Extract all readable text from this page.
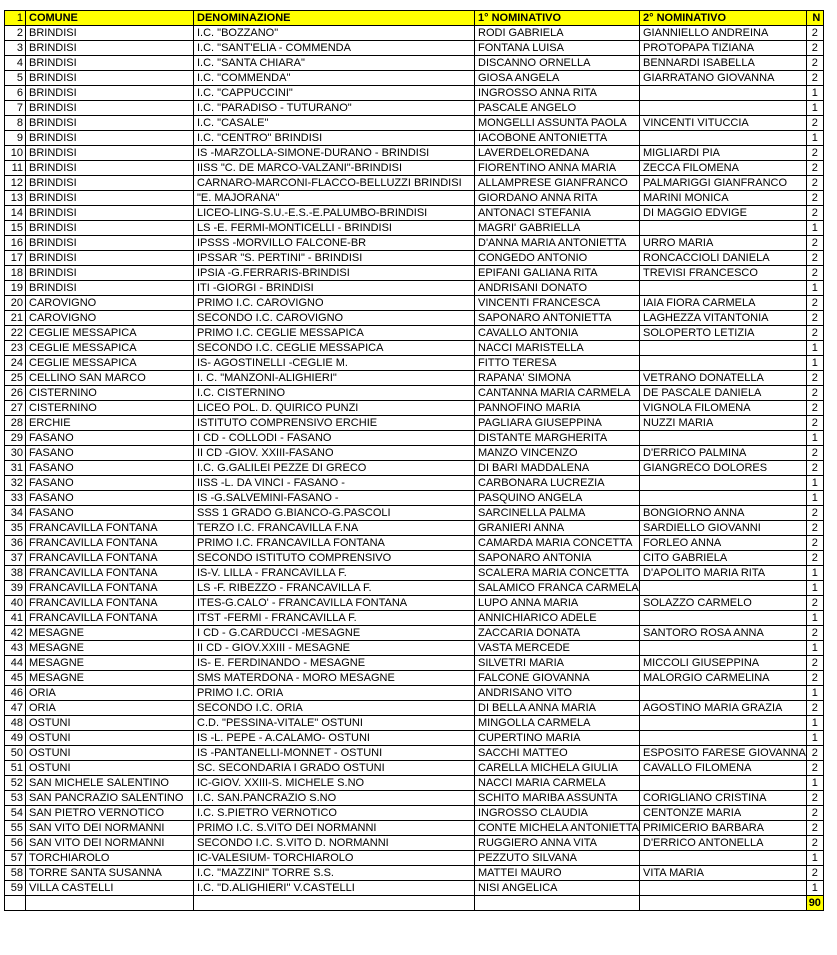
1	COMUNE	DENOMINAZIONE	1° NOMINATIVO	2° NOMINATIVO	N
2	BRINDISI	I.C. "BOZZANO"	RODI GABRIELA	GIANNIELLO ANDREINA	2
3	BRINDISI	I.C. "SANT'ELIA - COMMENDA	FONTANA LUISA	PROTOPAPA TIZIANA	2
4	BRINDISI	I.C. "SANTA CHIARA"	DISCANNO ORNELLA	BENNARDI ISABELLA	2
5	BRINDISI	I.C. "COMMENDA"	GIOSA ANGELA	GIARRATANO GIOVANNA	2
6	BRINDISI	I.C. "CAPPUCCINI"	INGROSSO ANNA RITA		1
7	BRINDISI	I.C. "PARADISO - TUTURANO"	PASCALE ANGELO		1
8	BRINDISI	I.C. "CASALE"	MONGELLI ASSUNTA PAOLA	VINCENTI VITUCCIA	2
9	BRINDISI	I.C. "CENTRO" BRINDISI	IACOBONE ANTONIETTA		1
10	BRINDISI	IS -MARZOLLA-SIMONE-DURANO - BRINDISI	LAVERDELOREDANA	MIGLIARDI PIA	2
11	BRINDISI	IISS "C. DE MARCO-VALZANI"-BRINDISI	FIORENTINO ANNA MARIA	ZECCA FILOMENA	2
12	BRINDISI	CARNARO-MARCONI-FLACCO-BELLUZZI BRINDISI	ALLAMPRESE GIANFRANCO	PALMARIGGI GIANFRANCO	2
13	BRINDISI	"E. MAJORANA"	GIORDANO ANNA RITA	MARINI MONICA	2
14	BRINDISI	LICEO-LING-S.U.-E.S.-E.PALUMBO-BRINDISI	ANTONACI STEFANIA	DI MAGGIO EDVIGE	2
15	BRINDISI	LS -E. FERMI-MONTICELLI - BRINDISI	MAGRI' GABRIELLA		1
16	BRINDISI	IPSSS -MORVILLO FALCONE-BR	D'ANNA MARIA ANTONIETTA	URRO MARIA	2
17	BRINDISI	IPSSAR "S. PERTINI" - BRINDISI	CONGEDO ANTONIO	RONCACCIOLI DANIELA	2
18	BRINDISI	IPSIA -G.FERRARIS-BRINDISI	EPIFANI GALIANA RITA	TREVISI FRANCESCO	2
19	BRINDISI	ITI -GIORGI - BRINDISI	ANDRISANI DONATO		1
20	CAROVIGNO	PRIMO I.C. CAROVIGNO	VINCENTI FRANCESCA	IAIA FIORA CARMELA	2
21	CAROVIGNO	SECONDO I.C. CAROVIGNO	SAPONARO ANTONIETTA	LAGHEZZA VITANTONIA	2
22	CEGLIE MESSAPICA	PRIMO I.C. CEGLIE MESSAPICA	CAVALLO ANTONIA	SOLOPERTO LETIZIA	2
23	CEGLIE MESSAPICA	SECONDO I.C. CEGLIE MESSAPICA	NACCI MARISTELLA		1
24	CEGLIE MESSAPICA	IS- AGOSTINELLI -CEGLIE M.	FITTO TERESA		1
25	CELLINO SAN MARCO	I. C. "MANZONI-ALIGHIERI"	RAPANA' SIMONA	VETRANO DONATELLA	2
26	CISTERNINO	I.C. CISTERNINO	CANTANNA MARIA CARMELA	DE PASCALE DANIELA	2
27	CISTERNINO	LICEO POL. D. QUIRICO PUNZI	PANNOFINO MARIA	VIGNOLA FILOMENA	2
28	ERCHIE	ISTITUTO COMPRENSIVO ERCHIE	PAGLIARA GIUSEPPINA	NUZZI MARIA	2
29	FASANO	I CD - COLLODI - FASANO	DISTANTE MARGHERITA		1
30	FASANO	II CD -GIOV. XXIII-FASANO	MANZO VINCENZO	D'ERRICO PALMINA	2
31	FASANO	I.C. G.GALILEI PEZZE DI GRECO	DI BARI MADDALENA	GIANGRECO DOLORES	2
32	FASANO	IISS -L. DA VINCI - FASANO -	CARBONARA LUCREZIA		1
33	FASANO	IS -G.SALVEMINI-FASANO -	PASQUINO ANGELA		1
34	FASANO	SSS 1 GRADO G.BIANCO-G.PASCOLI	SARCINELLA PALMA	BONGIORNO ANNA	2
35	FRANCAVILLA FONTANA	TERZO I.C. FRANCAVILLA F.NA	GRANIERI ANNA	SARDIELLO GIOVANNI	2
36	FRANCAVILLA FONTANA	PRIMO I.C. FRANCAVILLA FONTANA	CAMARDA MARIA CONCETTA	FORLEO ANNA	2
37	FRANCAVILLA FONTANA	SECONDO ISTITUTO COMPRENSIVO	SAPONARO ANTONIA	CITO GABRIELA	2
38	FRANCAVILLA FONTANA	IS-V. LILLA - FRANCAVILLA F.	SCALERA MARIA CONCETTA	D'APOLITO MARIA RITA	1
39	FRANCAVILLA FONTANA	LS -F. RIBEZZO - FRANCAVILLA F.	SALAMICO FRANCA CARMELA		1
40	FRANCAVILLA FONTANA	ITES-G.CALO' - FRANCAVILLA FONTANA	LUPO ANNA MARIA	SOLAZZO CARMELO	2
41	FRANCAVILLA FONTANA	ITST -FERMI - FRANCAVILLA F.	ANNICHIARICO ADELE		1
42	MESAGNE	I CD - G.CARDUCCI -MESAGNE	ZACCARIA DONATA	SANTORO ROSA ANNA	2
43	MESAGNE	II CD - GIOV.XXIII - MESAGNE	VASTA MERCEDE		1
44	MESAGNE	IS- E. FERDINANDO - MESAGNE	SILVETRI MARIA	MICCOLI GIUSEPPINA	2
45	MESAGNE	SMS MATERDONA - MORO MESAGNE	FALCONE GIOVANNA	MALORGIO CARMELINA	2
46	ORIA	PRIMO I.C. ORIA	ANDRISANO VITO		1
47	ORIA	SECONDO I.C. ORIA	DI BELLA ANNA MARIA	AGOSTINO MARIA GRAZIA	2
48	OSTUNI	C.D. "PESSINA-VITALE" OSTUNI	MINGOLLA CARMELA		1
49	OSTUNI	IS -L. PEPE - A.CALAMO- OSTUNI	CUPERTINO MARIA		1
50	OSTUNI	IS -PANTANELLI-MONNET - OSTUNI	SACCHI MATTEO	ESPOSITO FARESE GIOVANNA	2
51	OSTUNI	SC. SECONDARIA I GRADO OSTUNI	CARELLA MICHELA GIULIA	CAVALLO FILOMENA	2
52	SAN MICHELE SALENTINO	IC-GIOV. XXIII-S. MICHELE S.NO	NACCI MARIA CARMELA		1
53	SAN PANCRAZIO SALENTINO	I.C. SAN.PANCRAZIO S.NO	SCHITO MARIBA ASSUNTA	CORIGLIANO CRISTINA	2
54	SAN PIETRO VERNOTICO	I.C. S.PIETRO VERNOTICO	INGROSSO CLAUDIA	CENTONZE MARIA	2
55	SAN VITO DEI NORMANNI	PRIMO I.C. S.VITO DEI NORMANNI	CONTE MICHELA ANTONIETTA	PRIMICERIO BARBARA	2
56	SAN VITO DEI NORMANNI	SECONDO I.C. S.VITO D. NORMANNI	RUGGIERO ANNA VITA	D'ERRICO ANTONELLA	2
57	TORCHIAROLO	IC-VALESIUM- TORCHIAROLO	PEZZUTO SILVANA		1
58	TORRE SANTA SUSANNA	I.C. "MAZZINI" TORRE S.S.	MATTEI MAURO	VITA MARIA	2
59	VILLA CASTELLI	I.C. "D.ALIGHIERI" V.CASTELLI	NISI ANGELICA		1
					90
